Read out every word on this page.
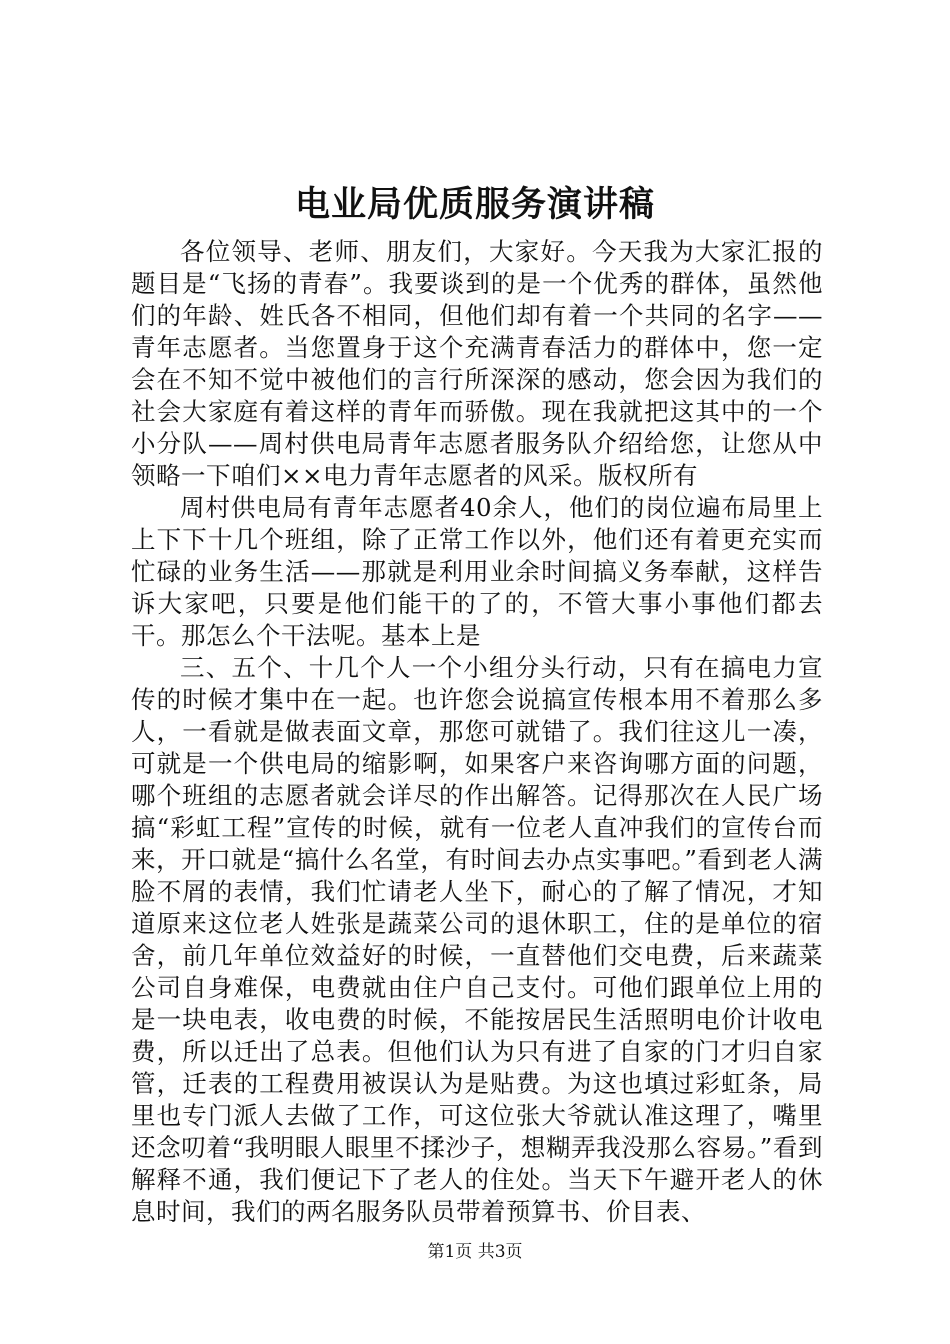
电业局优质服务演讲稿

各位领导、老师、朋友们，大家好。今天我为大家汇报的题目是“飞扬的青春”。我要谈到的是一个优秀的群体，虽然他们的年龄、姓氏各不相同，但他们却有着一个共同的名字——青年志愿者。当您置身于这个充满青春活力的群体中，您一定会在不知不觉中被他们的言行所深深的感动，您会因为我们的社会大家庭有着这样的青年而骄傲。现在我就把这其中的一个小分队——周村供电局青年志愿者服务队介绍给您，让您从中领略一下咱们××电力青年志愿者的风采。版权所有

周村供电局有青年志愿者40余人，他们的岗位遍布局里上上下下十几个班组，除了正常工作以外，他们还有着更充实而忙碌的业务生活——那就是利用业余时间搞义务奉献，这样告诉大家吧，只要是他们能干的了的，不管大事小事他们都去干。那怎么个干法呢。基本上是

三、五个、十几个人一个小组分头行动，只有在搞电力宣传的时候才集中在一起。也许您会说搞宣传根本用不着那么多人，一看就是做表面文章，那您可就错了。我们往这儿一凑，可就是一个供电局的缩影啊，如果客户来咨询哪方面的问题，哪个班组的志愿者就会详尽的作出解答。记得那次在人民广场搞“彩虹工程”宣传的时候，就有一位老人直冲我们的宣传台而来，开口就是“搞什么名堂，有时间去办点实事吧。”看到老人满脸不屑的表情，我们忙请老人坐下，耐心的了解了情况，才知道原来这位老人姓张是蔬菜公司的退休职工，住的是单位的宿舍，前几年单位效益好的时候，一直替他们交电费，后来蔬菜公司自身难保，电费就由住户自己支付。可他们跟单位上用的是一块电表，收电费的时候，不能按居民生活照明电价计收电费，所以迁出了总表。但他们认为只有进了自家的门才归自家管，迁表的工程费用被误认为是贴费。为这也填过彩虹条，局里也专门派人去做了工作，可这位张大爷就认准这理了，嘴里还念叨着“我明眼人眼里不揉沙子，想糊弄我没那么容易。”看到解释不通，我们便记下了老人的住处。当天下午避开老人的休息时间，我们的两名服务队员带着预算书、价目表、

第1页 共3页
